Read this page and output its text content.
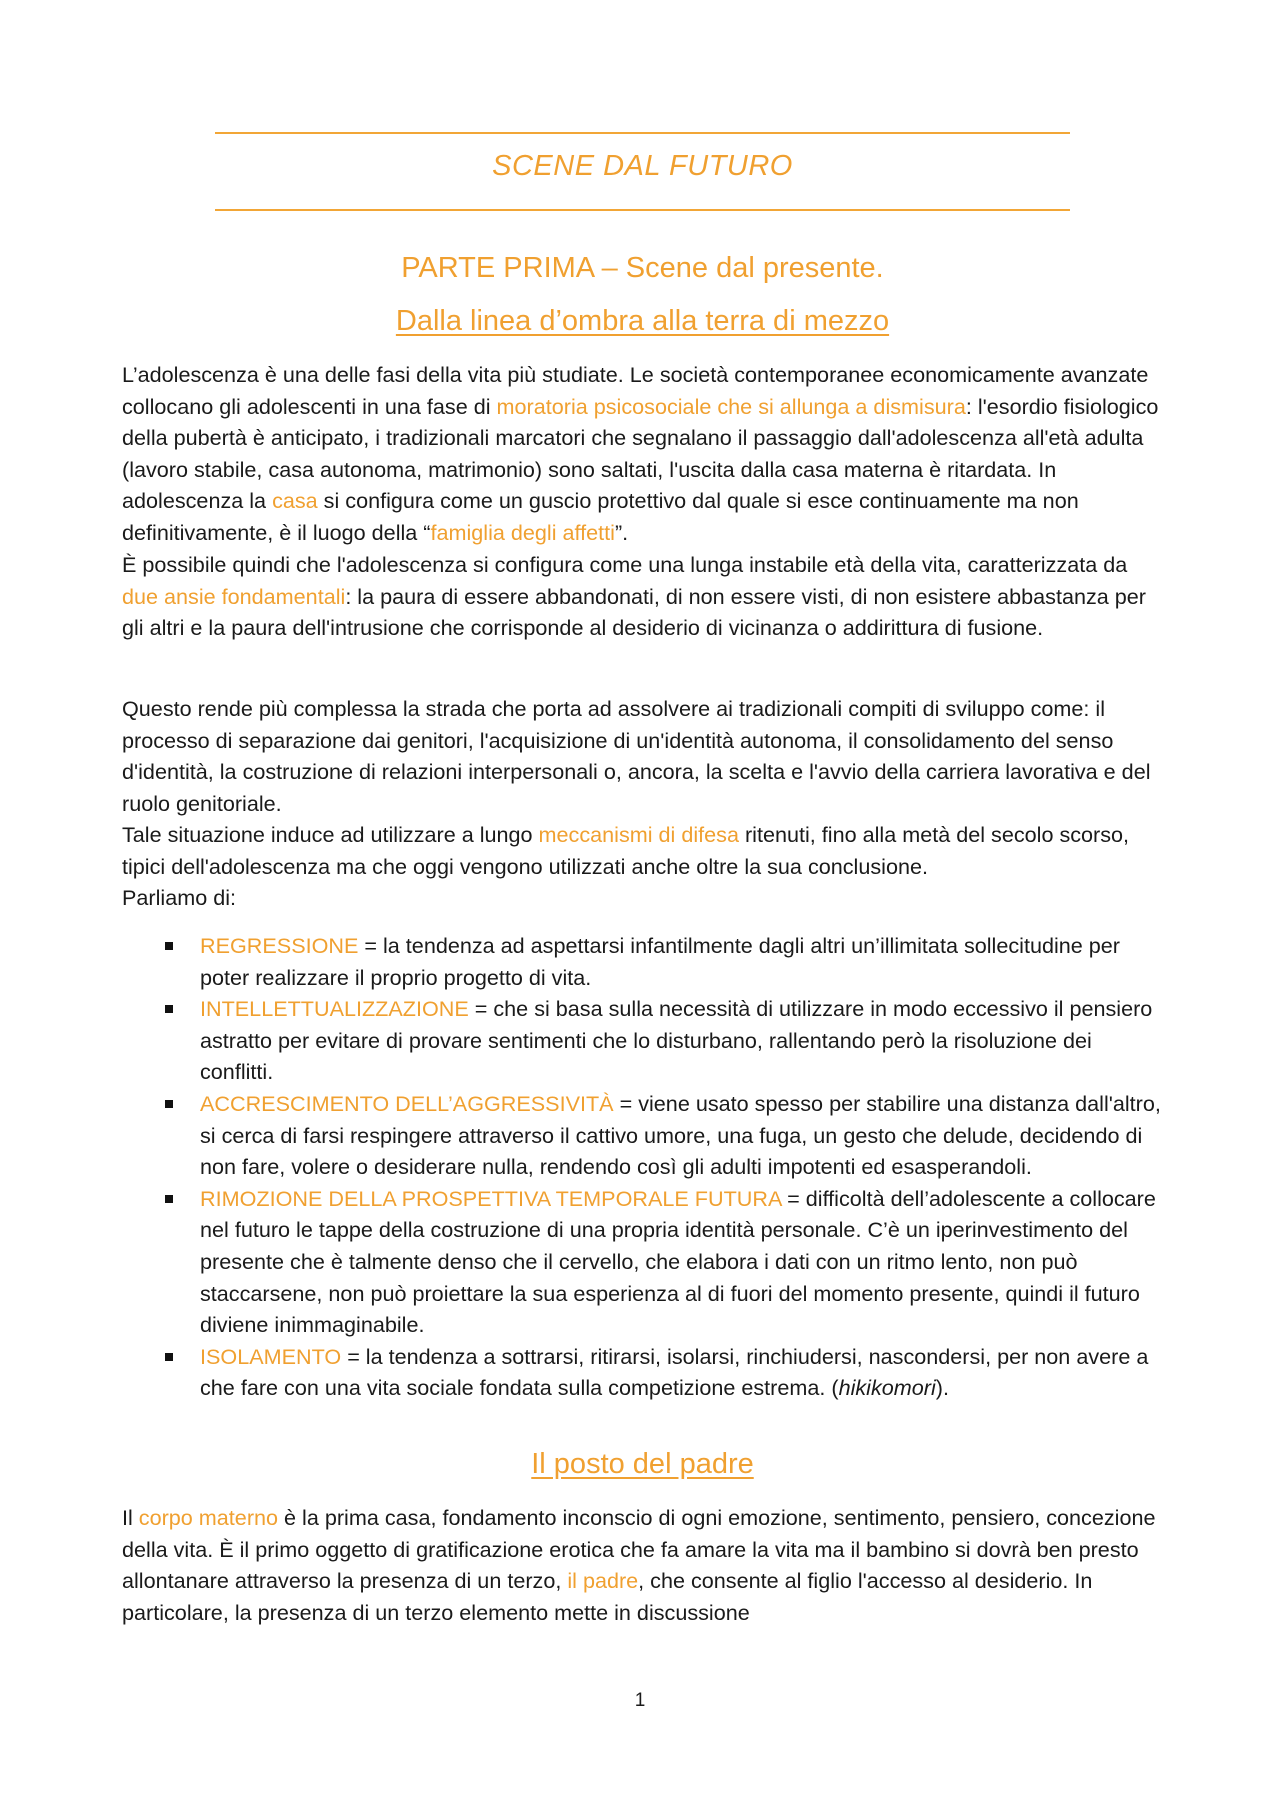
SCENE DAL FUTURO
PARTE PRIMA – Scene dal presente.
Dalla linea d’ombra alla terra di mezzo

L’adolescenza è una delle fasi della vita più studiate. Le società contemporanee economicamente avanzate collocano gli adolescenti in una fase di moratoria psicosociale che si allunga a dismisura: l'esordio fisiologico della pubertà è anticipato, i tradizionali marcatori che segnalano il passaggio dall'adolescenza all'età adulta (lavoro stabile, casa autonoma, matrimonio) sono saltati, l'uscita dalla casa materna è ritardata. In adolescenza la casa si configura come un guscio protettivo dal quale si esce continuamente ma non definitivamente, è il luogo della “famiglia degli affetti”.

È possibile quindi che l'adolescenza si configura come una lunga instabile età della vita, caratterizzata da due ansie fondamentali: la paura di essere abbandonati, di non essere visti, di non esistere abbastanza per gli altri e la paura dell'intrusione che corrisponde al desiderio di vicinanza o addirittura di fusione.

Questo rende più complessa la strada che porta ad assolvere ai tradizionali compiti di sviluppo come: il processo di separazione dai genitori, l'acquisizione di un'identità autonoma, il consolidamento del senso d'identità, la costruzione di relazioni interpersonali o, ancora, la scelta e l'avvio della carriera lavorativa e del ruolo genitoriale.

Tale situazione induce ad utilizzare a lungo meccanismi di difesa ritenuti, fino alla metà del secolo scorso, tipici dell'adolescenza ma che oggi vengono utilizzati anche oltre la sua conclusione.

Parliamo di:

REGRESSIONE = la tendenza ad aspettarsi infantilmente dagli altri un’illimitata sollecitudine per poter realizzare il proprio progetto di vita.
INTELLETTUALIZZAZIONE = che si basa sulla necessità di utilizzare in modo eccessivo il pensiero astratto per evitare di provare sentimenti che lo disturbano, rallentando però la risoluzione dei conflitti.
ACCRESCIMENTO DELL’AGGRESSIVITÀ = viene usato spesso per stabilire una distanza dall'altro, si cerca di farsi respingere attraverso il cattivo umore, una fuga, un gesto che delude, decidendo di non fare, volere o desiderare nulla, rendendo così gli adulti impotenti ed esasperandoli.
RIMOZIONE DELLA PROSPETTIVA TEMPORALE FUTURA = difficoltà dell’adolescente a collocare nel futuro le tappe della costruzione di una propria identità personale. C’è un iperinvestimento del presente che è talmente denso che il cervello, che elabora i dati con un ritmo lento, non può staccarsene, non può proiettare la sua esperienza al di fuori del momento presente, quindi il futuro diviene inimmaginabile.
ISOLAMENTO = la tendenza a sottrarsi, ritirarsi, isolarsi, rinchiudersi, nascondersi, per non avere a che fare con una vita sociale fondata sulla competizione estrema. (hikikomori).
Il posto del padre

Il corpo materno è la prima casa, fondamento inconscio di ogni emozione, sentimento, pensiero, concezione della vita. È il primo oggetto di gratificazione erotica che fa amare la vita ma il bambino si dovrà ben presto allontanare attraverso la presenza di un terzo, il padre, che consente al figlio l'accesso al desiderio. In particolare, la presenza di un terzo elemento mette in discussione

1
